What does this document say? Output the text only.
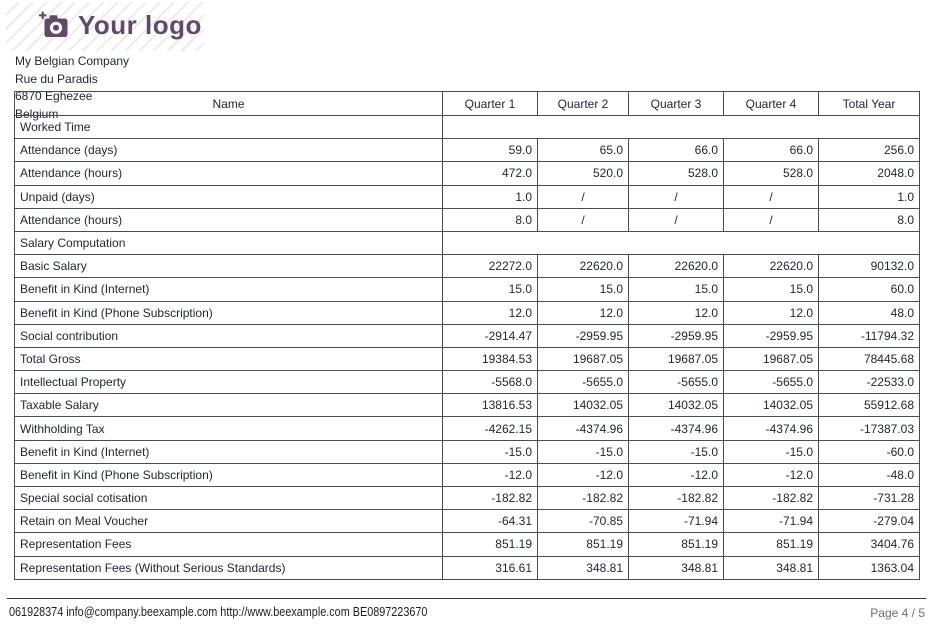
Your logo
My Belgian Company
Rue du Paradis
6870 Eghezee
Belgium
Name	Quarter 1	Quarter 2	Quarter 3	Quarter 4	Total Year
Worked Time					
Attendance (days)	59.0	65.0	66.0	66.0	256.0
Attendance (hours)	472.0	520.0	528.0	528.0	2048.0
Unpaid (days)	1.0	/	/	/	1.0
Attendance (hours)	8.0	/	/	/	8.0
Salary Computation					
Basic Salary	22272.0	22620.0	22620.0	22620.0	90132.0
Benefit in Kind (Internet)	15.0	15.0	15.0	15.0	60.0
Benefit in Kind (Phone Subscription)	12.0	12.0	12.0	12.0	48.0
Social contribution	-2914.47	-2959.95	-2959.95	-2959.95	-11794.32
Total Gross	19384.53	19687.05	19687.05	19687.05	78445.68
Intellectual Property	-5568.0	-5655.0	-5655.0	-5655.0	-22533.0
Taxable Salary	13816.53	14032.05	14032.05	14032.05	55912.68
Withholding Tax	-4262.15	-4374.96	-4374.96	-4374.96	-17387.03
Benefit in Kind (Internet)	-15.0	-15.0	-15.0	-15.0	-60.0
Benefit in Kind (Phone Subscription)	-12.0	-12.0	-12.0	-12.0	-48.0
Special social cotisation	-182.82	-182.82	-182.82	-182.82	-731.28
Retain on Meal Voucher	-64.31	-70.85	-71.94	-71.94	-279.04
Representation Fees	851.19	851.19	851.19	851.19	3404.76
Representation Fees (Without Serious Standards)	316.61	348.81	348.81	348.81	1363.04
061928374 info@company.beexample.com http://www.beexample.com BE0897223670	Page 4 / 5
